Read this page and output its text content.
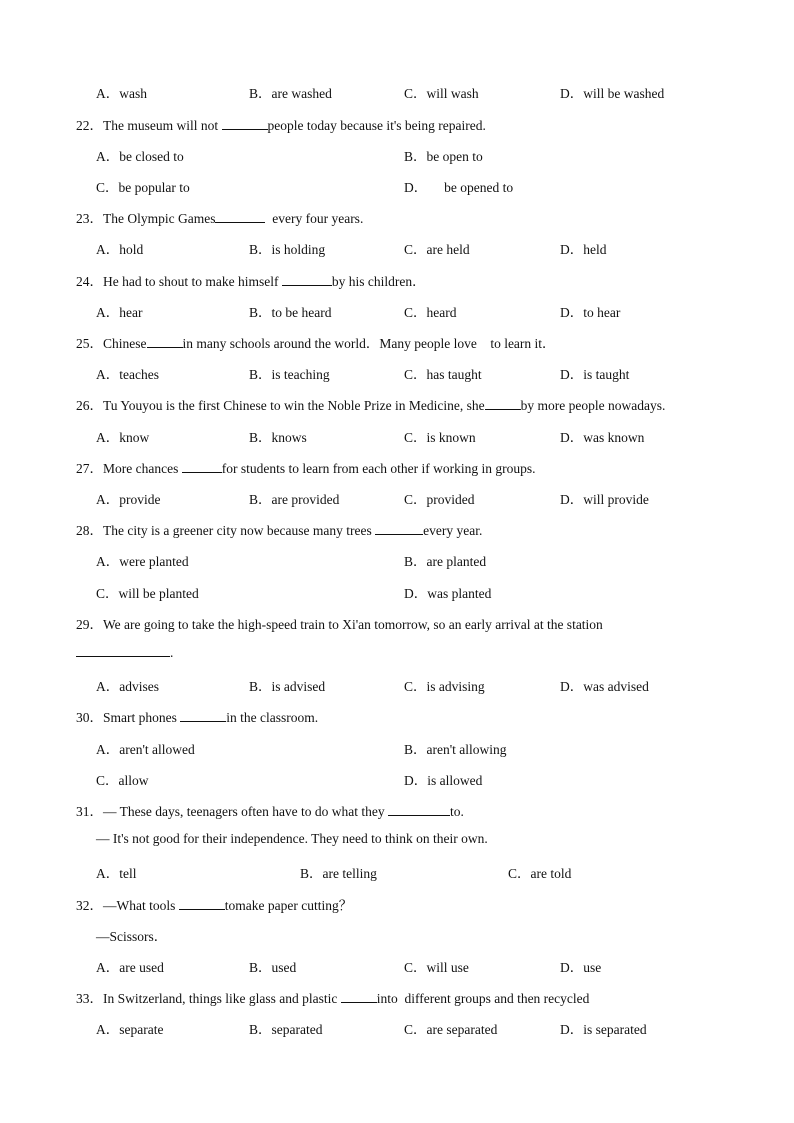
A．wash	B．are washed	C．will wash	D．will be washed
22．The museum will not	people today because it's being repaired.
A．be closed to	B．be open to
C．be popular to	D．     be opened to
23．The Olympic Games	every four years.
A．hold	B．is holding	C．are held	D．held
24．He had to shout to make himself	by his children．
A．hear	B．to be heard	C．heard	D．to hear
25．Chinese	in many schools around the world．Many people love    to learn it．
A．teaches	B．is teaching	C．has taught	D．is taught
26．Tu Youyou is the first Chinese to win the Noble Prize in Medicine, she	by more people nowadays.
A．know	B．knows	C．is known	D．was known
27．More chances	for students to learn from each other if working in groups.
A．provide	B．are provided	C．provided	D．will provide
28．The city is a greener city now because many trees	every year.
A．were planted	B．are planted
C．will be planted	D．was planted
29．We are going to take the high-speed train to Xi'an tomorrow, so an early arrival at the station
.
A．advises	B．is advised	C．is advising	D．was advised
30．Smart phones	in the classroom.
A．aren't allowed	B．aren't allowing
C．allow	D．is allowed
31．— These days, teenagers often have to do what they	to.
— It's not good for their independence. They need to think on their own.
A．tell	B．are telling	C．are told
32．—What tools	tomake paper cutting？
—Scissors．
A．are used	B．used	C．will use	D．use
33．In Switzerland, things like glass and plastic	into  different groups and then recycled
A．separate	B．separated	C．are separated	D．is separated
